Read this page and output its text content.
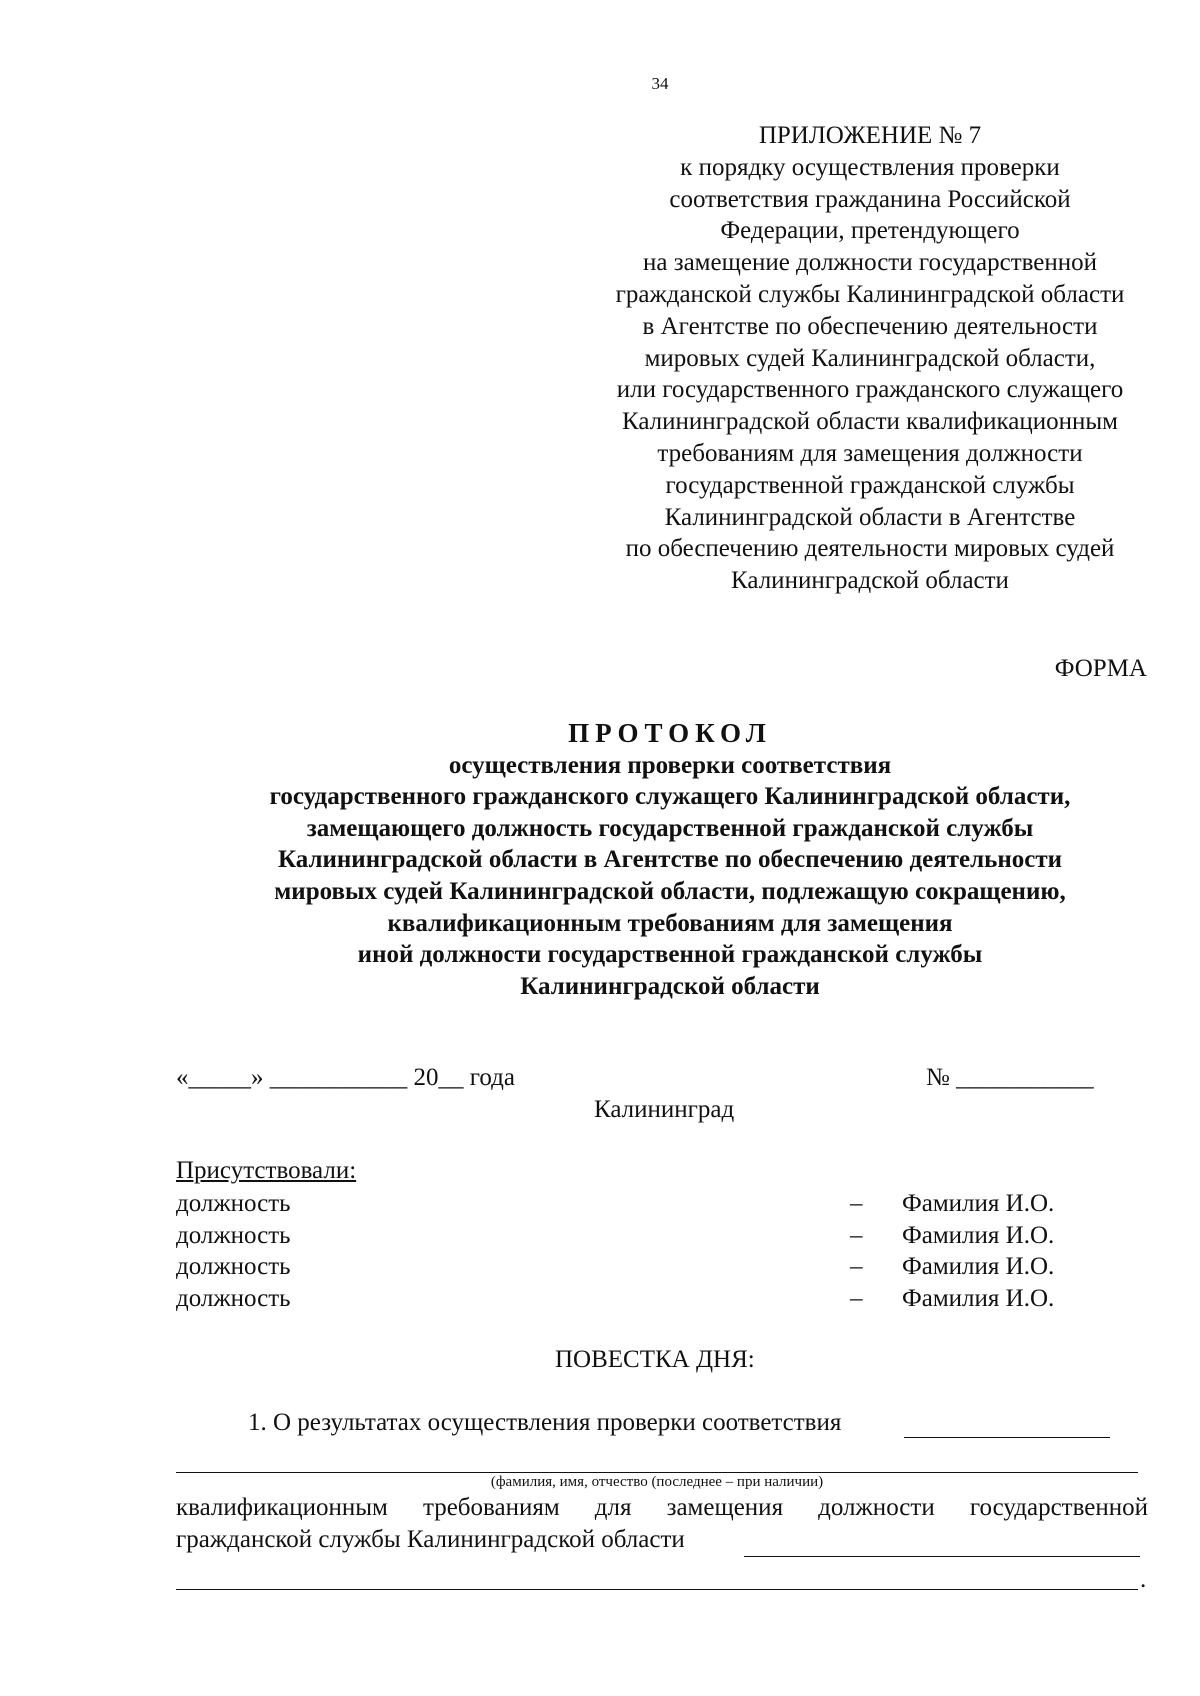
34
ПРИЛОЖЕНИЕ № 7
к порядку осуществления проверки
соответствия гражданина Российской
Федерации, претендующего
на замещение должности государственной
гражданской службы Калининградской области
в Агентстве по обеспечению деятельности
мировых судей Калининградской области,
или государственного гражданского служащего
Калининградской области квалификационным
требованиям для замещения должности
государственной гражданской службы
Калининградской области в Агентстве
по обеспечению деятельности мировых судей
Калининградской области
ФОРМА
ПРОТОКОЛ
осуществления проверки соответствия
государственного гражданского служащего Калининградской области,
замещающего должность государственной гражданской службы
Калининградской области в Агентстве по обеспечению деятельности
мировых судей Калининградской области, подлежащую сокращению,
квалификационным требованиям для замещения
иной должности государственной гражданской службы
Калининградской области
«_____» ___________ 20__ года	№ ___________
Калининград
Присутствовали:
должность	– Фамилия И.О.
должность	– Фамилия И.О.
должность	– Фамилия И.О.
должность	– Фамилия И.О.
ПОВЕСТКА ДНЯ:
1. О результатах осуществления проверки соответствия
(фамилия, имя, отчество (последнее – при наличии)
квалификационным требованиям для замещения должности государственной
гражданской службы Калининградской области
.
